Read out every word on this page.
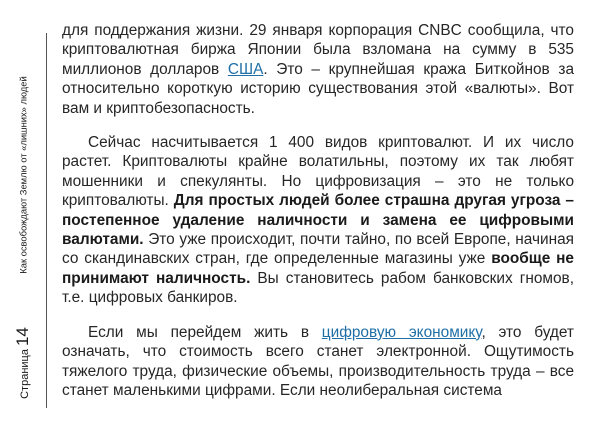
Как освобождают Землю от «лишних» людей
Страница14

для поддержания жизни. 29 января корпорация CNBC сообщила, что криптовалютная биржа Японии была взломана на сумму в 535 миллионов долларов США. Это – крупнейшая кража Биткойнов за относительно короткую историю существования этой «валюты». Вот вам и криптобезопасность.

Сейчас насчитывается 1 400 видов криптовалют. И их число растет. Криптовалюты крайне волатильны, поэтому их так любят мошенники и спекулянты. Но цифровизация – это не только криптовалюты. Для простых людей более страшна другая угроза – постепенное удаление наличности и замена ее цифровыми валютами. Это уже происходит, почти тайно, по всей Европе, начиная со скандинавских стран, где определенные магазины уже вообще не принимают наличность. Вы становитесь рабом банковских гномов, т.е. цифровых банкиров.

Если мы перейдем жить в цифровую экономику, это будет означать, что стоимость всего станет электронной. Ощутимость тяжелого труда, физические объемы, производительность труда – все станет маленькими цифрами. Если неолиберальная система
